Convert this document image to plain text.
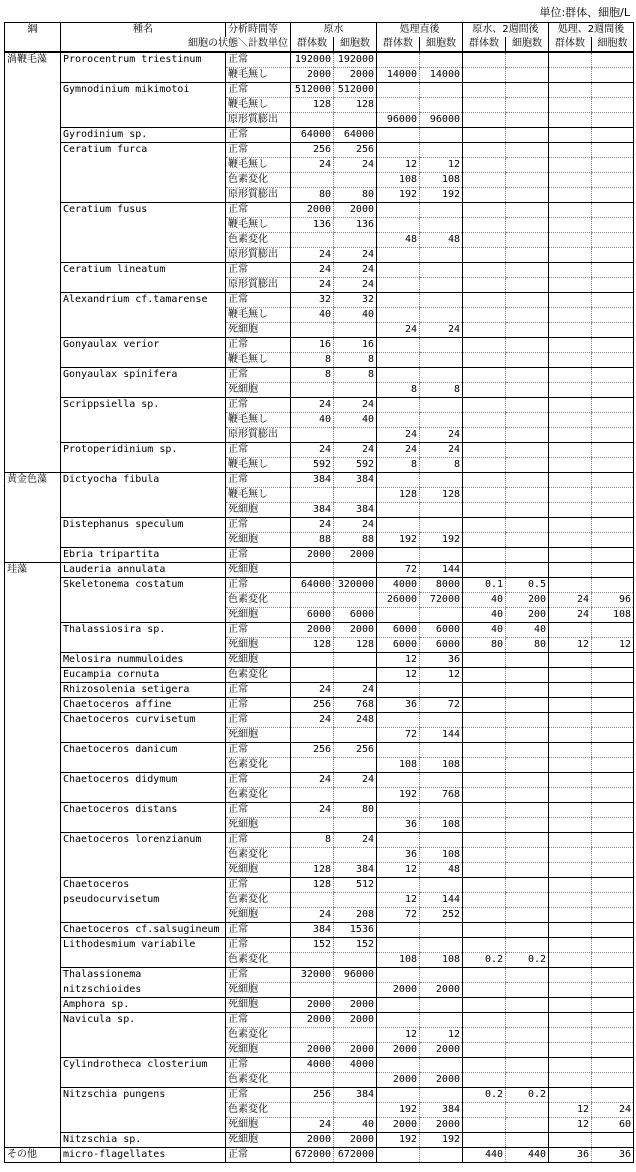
単位:群体、細胞/L
綱	種名	分析時間等	原水		処理直後		原水、2週間後		処理、2週間後	
	細胞の状態＼計数単位		群体数	細胞数	群体数	細胞数	群体数	細胞数	群体数	細胞数
渦鞭毛藻	Prorocentrum triestinum	正常	192000	192000						
		鞭毛無し	2000	2000	14000	14000				
	Gymnodinium mikimotoi	正常	512000	512000						
		鞭毛無し	128	128						
		原形質膨出			96000	96000				
	Gyrodinium sp.	正常	64000	64000						
	Ceratium furca	正常	256	256						
		鞭毛無し	24	24	12	12				
		色素変化			108	108				
		原形質膨出	80	80	192	192				
	Ceratium fusus	正常	2000	2000						
		鞭毛無し	136	136						
		色素変化			48	48				
		原形質膨出	24	24						
	Ceratium lineatum	正常	24	24						
		原形質膨出	24	24						
	Alexandrium cf.tamarense	正常	32	32						
		鞭毛無し	40	40						
		死細胞			24	24				
	Gonyaulax verior	正常	16	16						
		鞭毛無し	8	8						
	Gonyaulax spinifera	正常	8	8						
		死細胞			8	8				
	Scrippsiella sp.	正常	24	24						
		鞭毛無し	40	40						
		原形質膨出			24	24				
	Protoperidinium sp.	正常	24	24	24	24				
		鞭毛無し	592	592	8	8				
黄金色藻	Dictyocha fibula	正常	384	384						
		鞭毛無し			128	128				
		死細胞	384	384						
	Distephanus speculum	正常	24	24						
		死細胞	88	88	192	192				
	Ebria tripartita	正常	2000	2000						
珪藻	Lauderia annulata	死細胞			72	144				
	Skeletonema costatum	正常	64000	320000	4000	8000	0.1	0.5		
		色素変化			26000	72000	40	200	24	96
		死細胞	6000	6000			40	200	24	108
	Thalassiosira sp.	正常	2000	2000	6000	6000	40	40		
		死細胞	128	128	6000	6000	80	80	12	12
	Melosira nummuloides	死細胞			12	36				
	Eucampia cornuta	色素変化			12	12				
	Rhizosolenia setigera	正常	24	24						
	Chaetoceros affine	正常	256	768	36	72				
	Chaetoceros curvisetum	正常	24	248						
		死細胞			72	144				
	Chaetoceros danicum	正常	256	256						
		色素変化			108	108				
	Chaetoceros didymum	正常	24	24						
		色素変化			192	768				
	Chaetoceros distans	正常	24	80						
		死細胞			36	108				
	Chaetoceros lorenzianum	正常	8	24						
		色素変化			36	108				
		死細胞	128	384	12	48				
	Chaetoceros	正常	128	512						
	pseudocurvisetum	色素変化			12	144				
		死細胞	24	208	72	252				
	Chaetoceros cf.salsugineum	正常	384	1536						
	Lithodesmium variabile	正常	152	152						
		色素変化			108	108	0.2	0.2		
	Thalassionema	正常	32000	96000						
	nitzschioides	死細胞			2000	2000				
	Amphora sp.	死細胞	2000	2000						
	Navicula sp.	正常	2000	2000						
		色素変化			12	12				
		死細胞	2000	2000	2000	2000				
	Cylindrotheca closterium	正常	4000	4000						
		色素変化			2000	2000				
	Nitzschia pungens	正常	256	384			0.2	0.2		
		色素変化			192	384			12	24
		死細胞	24	40	2000	2000			12	60
	Nitzschia sp.	死細胞	2000	2000	192	192				
その他	micro-flagellates	正常	672000	672000			440	440	36	36
